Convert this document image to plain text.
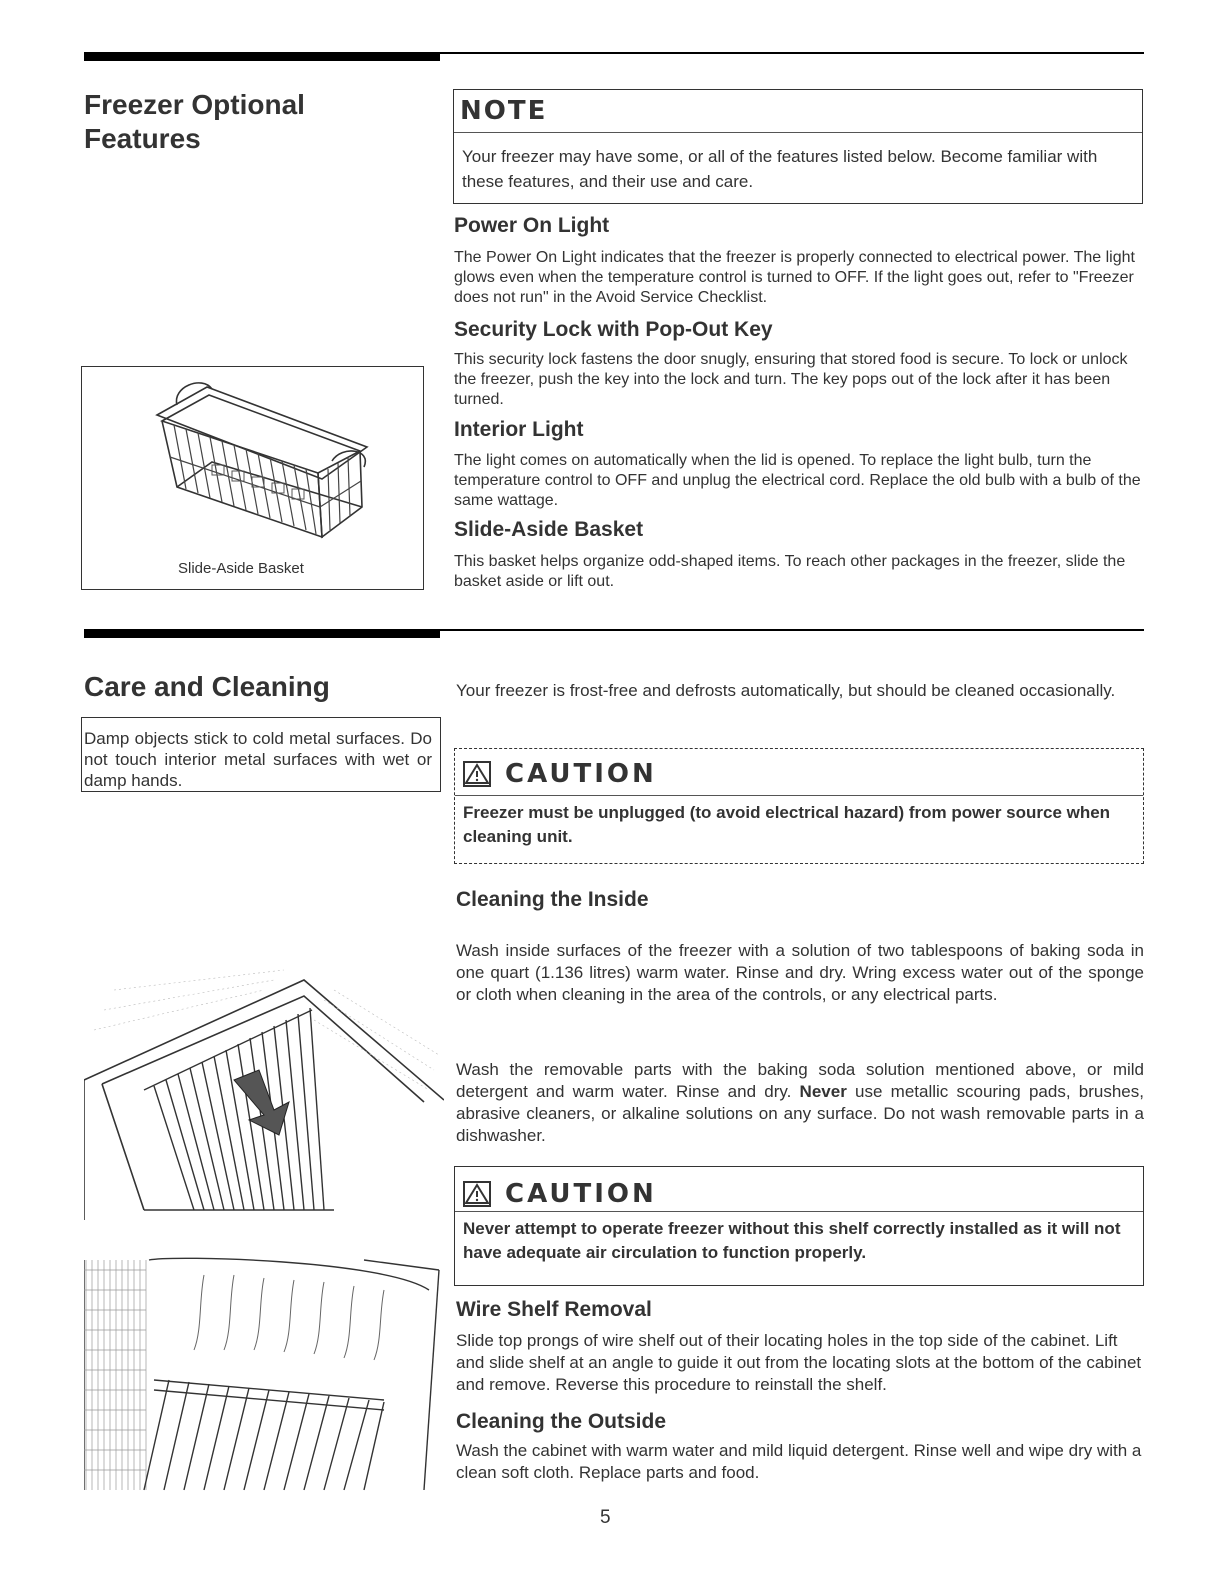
Freezer Optional
Features
NOTE
Your freezer may have some, or all of the features listed below. Become familiar with these features, and their use and care.
Power On Light
The Power On Light indicates that the freezer is properly connected to electrical power. The light glows even when the temperature control is turned to OFF. If the light goes out, refer to "Freezer does not run" in the Avoid Service Checklist.
Security Lock with Pop-Out Key
This security lock fastens the door snugly, ensuring that stored food is secure. To lock or unlock the freezer, push the key into the lock and turn. The key pops out of the lock after it has been turned.
Interior Light
The light comes on automatically when the lid is opened. To replace the light bulb, turn the temperature control to OFF and unplug the electrical cord. Replace the old bulb with a bulb of the same wattage.
Slide-Aside Basket
This basket helps organize odd-shaped items. To reach other packages in the freezer, slide the basket aside or lift out.
Slide-Aside Basket
Care and Cleaning
Damp objects stick to cold metal surfaces. Do not touch interior metal surfaces with wet or damp hands.
Your freezer is frost-free and defrosts automatically, but should be cleaned occasionally.
CAUTION
Freezer must be unplugged (to avoid electrical hazard) from power source when cleaning unit.
Cleaning the Inside
Wash inside surfaces of the freezer with a solution of two tablespoons of baking soda in one quart (1.136 litres) warm water. Rinse and dry. Wring excess water out of the sponge or cloth when cleaning in the area of the controls, or any electrical parts.
Wash the removable parts with the baking soda solution mentioned above, or mild detergent and warm water. Rinse and dry. Never use metallic scouring pads, brushes, abrasive cleaners, or alkaline solutions on any surface. Do not wash removable parts in a dishwasher.
CAUTION
Never attempt to operate freezer without this shelf correctly installed as it will not have adequate air circulation to function properly.
Wire Shelf Removal
Slide top prongs of wire shelf out of their locating holes in the top side of the cabinet. Lift and slide shelf at an angle to guide it out from the locating slots at the bottom of the cabinet and remove. Reverse this procedure to reinstall the shelf.
Cleaning the Outside
Wash the cabinet with warm water and mild liquid detergent. Rinse well and wipe dry with a clean soft cloth. Replace parts and food.
5
